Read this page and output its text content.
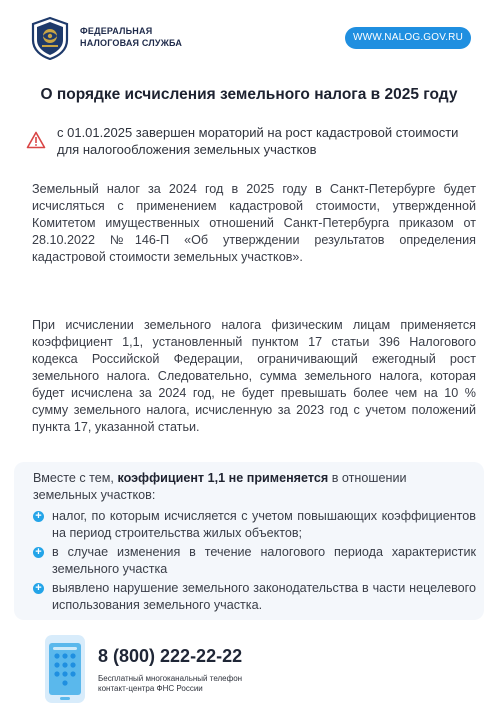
ФЕДЕРАЛЬНАЯ
НАЛОГОВАЯ СЛУЖБА	WWW.NALOG.GOV.RU
О порядке исчисления земельного налога в 2025 году
с 01.01.2025 завершен мораторий на рост кадастровой стоимости для налогообложения земельных участков
Земельный налог за 2024 год в 2025 году в Санкт-Петербурге будет исчисляться с применением кадастровой стоимости, утвержденной Комитетом имущественных отношений Санкт-Петербурга приказом от 28.10.2022 №146-П «Об утверждении результатов определения кадастровой стоимости земельных участков».
При исчислении земельного налога физическим лицам применяется коэффициент 1,1, установленный пунктом 17 статьи 396 Налогового кодекса Российской Федерации, ограничивающий ежегодный рост земельного налога. Следовательно, сумма земельного налога, которая будет исчислена за 2024 год, не будет превышать более чем на 10 % сумму земельного налога, исчисленную за 2023 год с учетом положений пункта 17, указанной статьи.
Вместе с тем, коэффициент 1,1 не применяется в отношении земельных участков:
+ налог, по которым исчисляется с учетом повышающих коэффициентов на период строительства жилых объектов;
+ в случае изменения в течение налогового периода характеристик земельного участка
+ выявлено нарушение земельного законодательства в части нецелевого использования земельного участка.
8 (800) 222-22-22
Бесплатный многоканальный телефон
контакт-центра ФНС России
